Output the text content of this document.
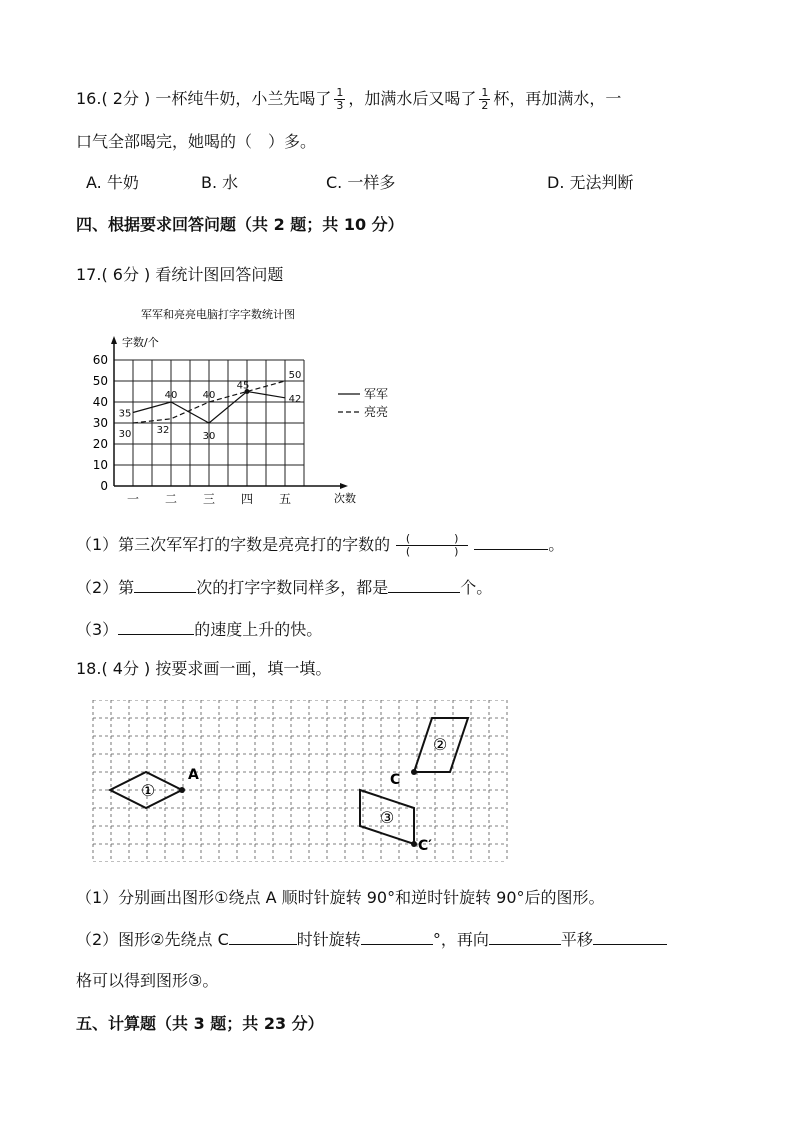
16.( 2分 ) 一杯纯牛奶，小兰先喝了 $\frac{1}{3}$ ，加满水后又喝了 $\frac{1}{2}$ 杯，再加满水，一
口气全部喝完，她喝的（　）多。
A. 牛奶	B. 水	C. 一样多	D. 无法判断
四、根据要求回答问题（共 2 题；共 10 分）
17.( 6分 ) 看统计图回答问题
军军和亮亮电脑打字字数统计图
字数/个
次数
0
10
20
30
40
50
60
一 二 三 四 五
35
40	40
45
50
42
30	32
30
军军
亮亮
（1）第三次军军打的字数是亮亮打的字数的	(　　　　)
(　　　　)	。
（2）第	次的打字字数同样多，都是	个。
（3）	的速度上升的快。
18.( 4分 ) 按要求画一画，填一填。
A
①
C
②
C′
③
（1）分别画出图形①绕点 A 顺时针旋转 90°和逆时针旋转 90°后的图形。
（2）图形②先绕点 C	时针旋转	°，再向	平移
格可以得到图形③。
五、计算题（共 3 题；共 23 分）
